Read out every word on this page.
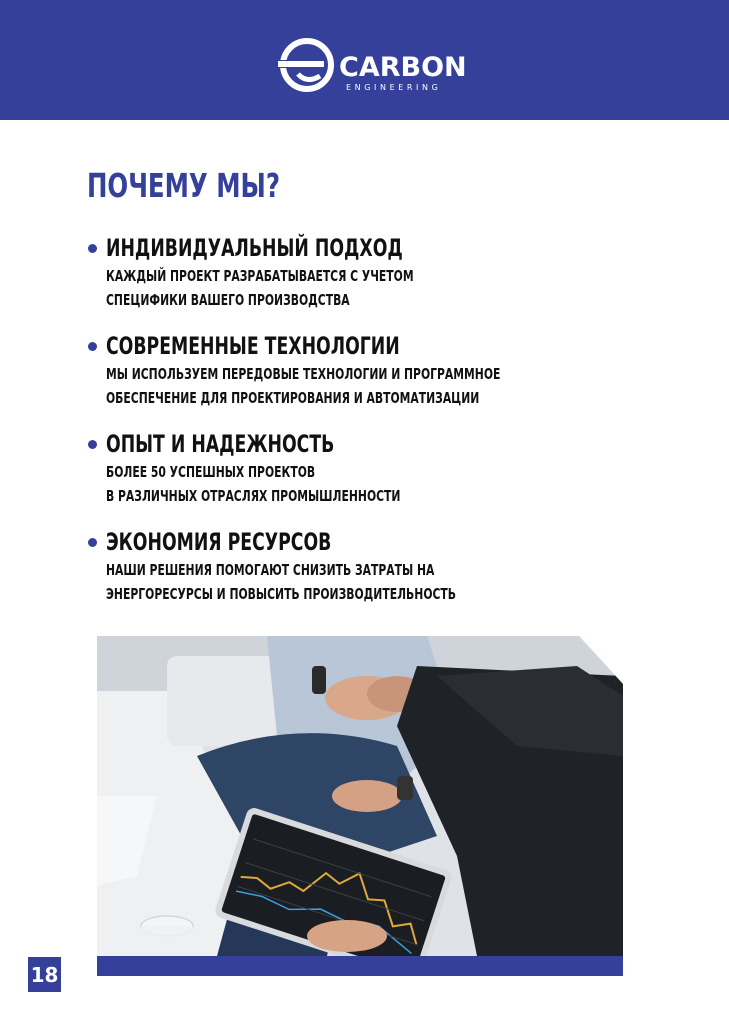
CARBON
ENGINEERING
ПОЧЕМУ МЫ?
ИНДИВИДУАЛЬНЫЙ ПОДХОД
КАЖДЫЙ ПРОЕКТ РАЗРАБАТЫВАЕТСЯ С УЧЕТОМ
СПЕЦИФИКИ ВАШЕГО ПРОИЗВОДСТВА
СОВРЕМЕННЫЕ ТЕХНОЛОГИИ
МЫ ИСПОЛЬЗУЕМ ПЕРЕДОВЫЕ ТЕХНОЛОГИИ И ПРОГРАММНОЕ
ОБЕСПЕЧЕНИЕ ДЛЯ ПРОЕКТИРОВАНИЯ И АВТОМАТИЗАЦИИ
ОПЫТ И НАДЕЖНОСТЬ
БОЛЕЕ 50 УСПЕШНЫХ ПРОЕКТОВ
В РАЗЛИЧНЫХ ОТРАСЛЯХ ПРОМЫШЛЕННОСТИ
ЭКОНОМИЯ РЕСУРСОВ
НАШИ РЕШЕНИЯ ПОМОГАЮТ СНИЗИТЬ ЗАТРАТЫ НА
ЭНЕРГОРЕСУРСЫ И ПОВЫСИТЬ ПРОИЗВОДИТЕЛЬНОСТЬ
18
